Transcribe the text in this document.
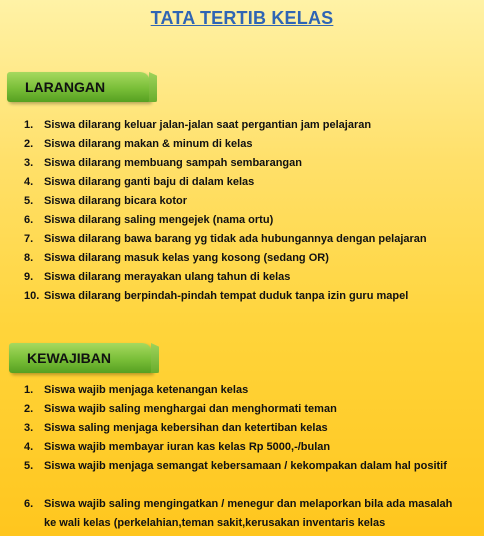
TATA TERTIB KELAS
LARANGAN
1. Siswa dilarang keluar jalan-jalan saat pergantian jam pelajaran
2. Siswa dilarang makan & minum di kelas
3. Siswa dilarang membuang sampah sembarangan
4. Siswa dilarang ganti baju di dalam kelas
5. Siswa dilarang bicara kotor
6. Siswa dilarang saling mengejek (nama ortu)
7. Siswa dilarang bawa barang yg tidak ada hubungannya dengan pelajaran
8. Siswa dilarang masuk kelas yang kosong (sedang OR)
9. Siswa dilarang merayakan ulang tahun di kelas
10. Siswa dilarang berpindah-pindah tempat duduk tanpa izin guru mapel
KEWAJIBAN
1. Siswa wajib menjaga ketenangan kelas
2. Siswa wajib saling menghargai dan menghormati teman
3. Siswa saling menjaga kebersihan dan ketertiban kelas
4. Siswa wajib membayar iuran kas kelas Rp 5000,-/bulan
5. Siswa wajib menjaga semangat kebersamaan / kekompakan dalam hal positif
6. Siswa wajib saling mengingatkan / menegur dan melaporkan bila ada masalah ke wali kelas (perkelahian,teman sakit,kerusakan inventaris kelas
